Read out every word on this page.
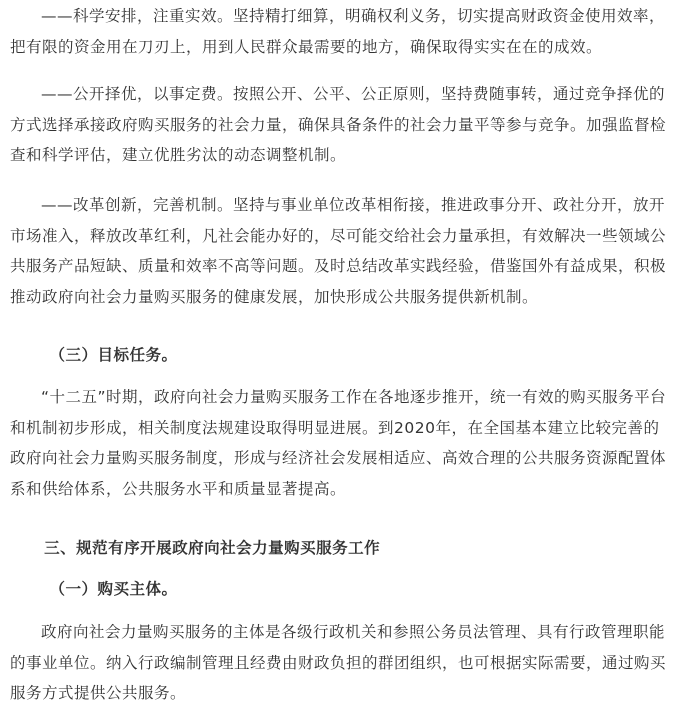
——科学安排，注重实效。坚持精打细算，明确权利义务，切实提高财政资金使用效率，把有限的资金用在刀刃上，用到人民群众最需要的地方，确保取得实实在在的成效。

——公开择优，以事定费。按照公开、公平、公正原则，坚持费随事转，通过竞争择优的方式选择承接政府购买服务的社会力量，确保具备条件的社会力量平等参与竞争。加强监督检查和科学评估，建立优胜劣汰的动态调整机制。

——改革创新，完善机制。坚持与事业单位改革相衔接，推进政事分开、政社分开，放开市场准入，释放改革红利，凡社会能办好的，尽可能交给社会力量承担，有效解决一些领域公共服务产品短缺、质量和效率不高等问题。及时总结改革实践经验，借鉴国外有益成果，积极推动政府向社会力量购买服务的健康发展，加快形成公共服务提供新机制。

（三）目标任务。

“十二五”时期，政府向社会力量购买服务工作在各地逐步推开，统一有效的购买服务平台和机制初步形成，相关制度法规建设取得明显进展。到2020年，在全国基本建立比较完善的政府向社会力量购买服务制度，形成与经济社会发展相适应、高效合理的公共服务资源配置体系和供给体系，公共服务水平和质量显著提高。

三、规范有序开展政府向社会力量购买服务工作
（一）购买主体。

政府向社会力量购买服务的主体是各级行政机关和参照公务员法管理、具有行政管理职能的事业单位。纳入行政编制管理且经费由财政负担的群团组织，也可根据实际需要，通过购买服务方式提供公共服务。
